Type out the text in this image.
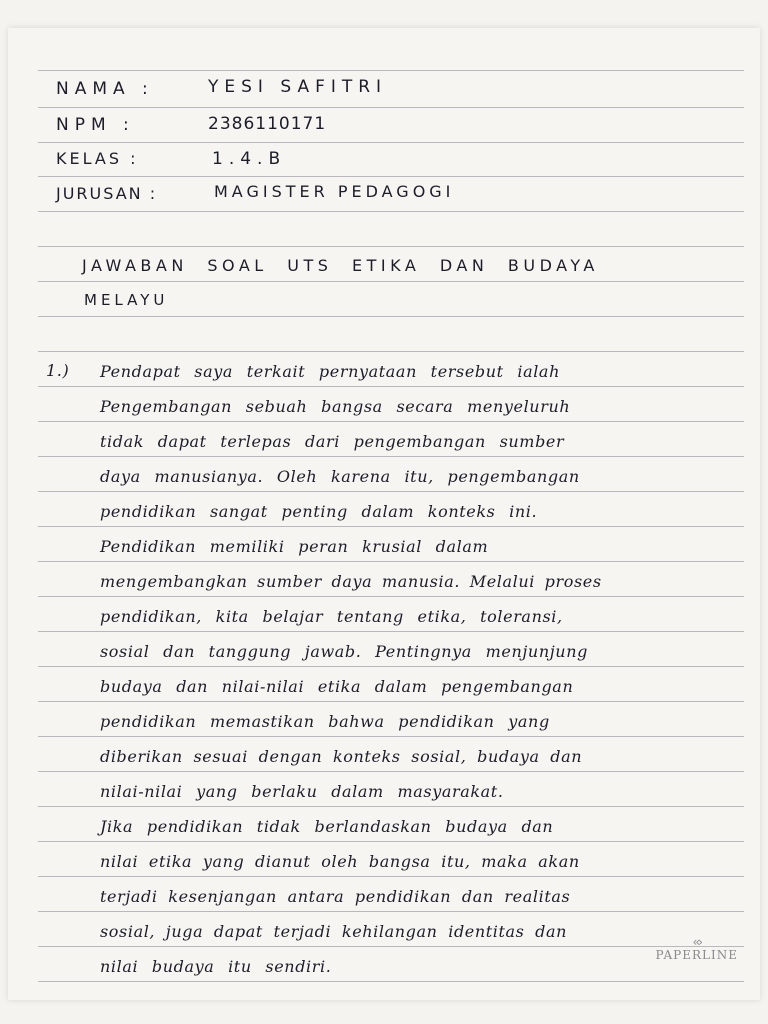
NAMA :	YESI SAFITRI
NPM :	2386110171
KELAS :	1.4.B
JURUSAN :	MAGISTER PEDAGOGI
JAWABAN SOAL UTS ETIKA DAN BUDAYA
MELAYU
1.) Pendapat saya terkait pernyataan tersebut ialah
Pengembangan sebuah bangsa secara menyeluruh
tidak dapat terlepas dari pengembangan sumber
daya manusianya. Oleh karena itu, pengembangan
pendidikan sangat penting dalam konteks ini.
Pendidikan memiliki peran krusial dalam
mengembangkan sumber daya manusia. Melalui proses
pendidikan, kita belajar tentang etika, toleransi,
sosial dan tanggung jawab. Pentingnya menjunjung
budaya dan nilai-nilai etika dalam pengembangan
pendidikan memastikan bahwa pendidikan yang
diberikan sesuai dengan konteks sosial, budaya dan
nilai-nilai yang berlaku dalam masyarakat.
Jika pendidikan tidak berlandaskan budaya dan
nilai etika yang dianut oleh bangsa itu, maka akan
terjadi kesenjangan antara pendidikan dan realitas
sosial, juga dapat terjadi kehilangan identitas dan
nilai budaya itu sendiri.
‹‹›
PAPERLINE
